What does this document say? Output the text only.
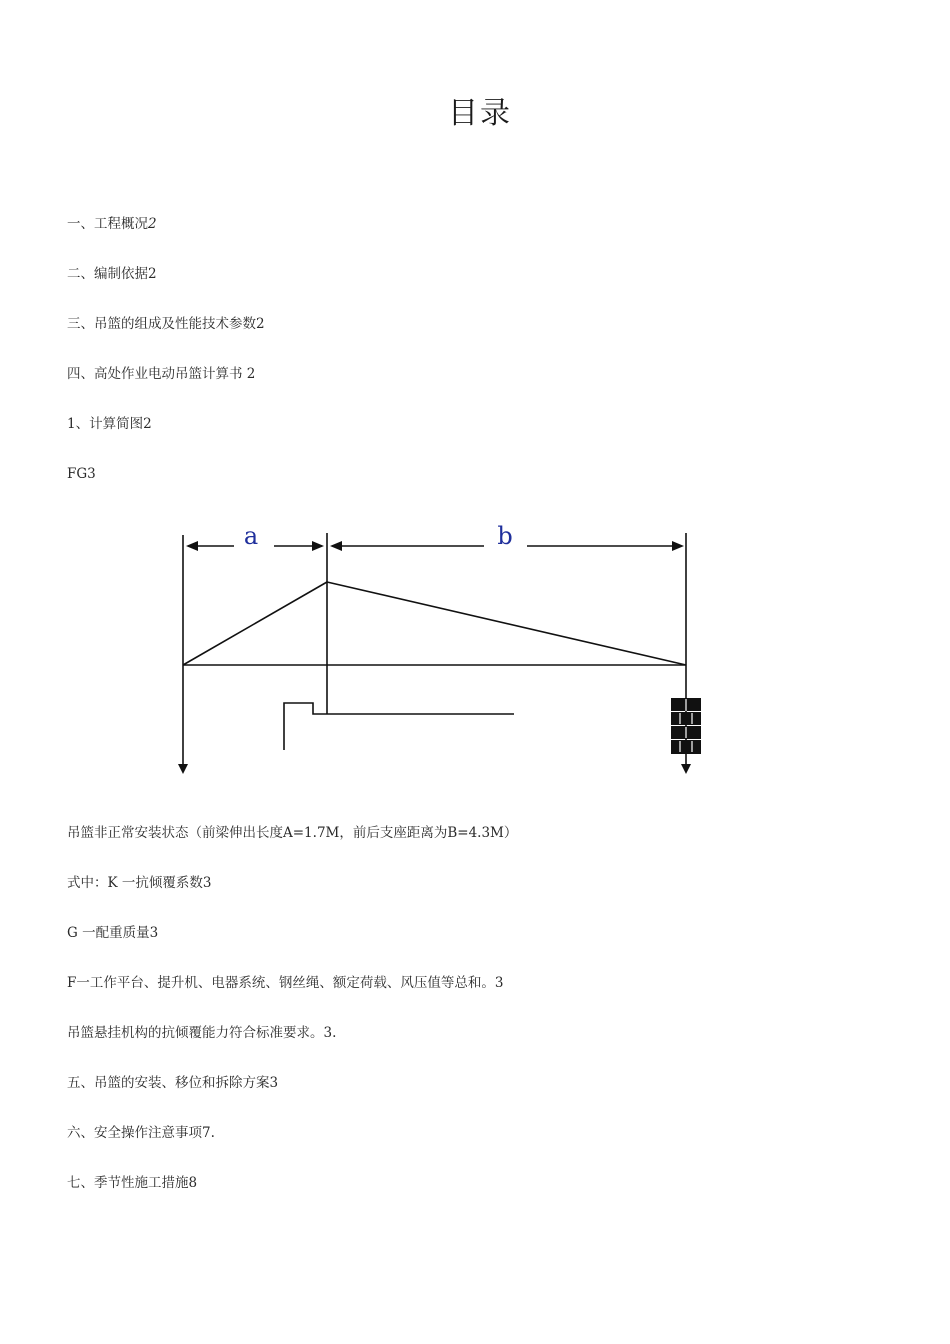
目录
一、工程概况2
二、编制依据2
三、吊篮的组成及性能技术参数2
四、高处作业电动吊篮计算书 2
1、计算简图2
FG3
a	b
吊篮非正常安装状态（前梁伸出长度A=1.7M，前后支座距离为B=4.3M）
式中：K 一抗倾覆系数3
G 一配重质量3
F一工作平台、提升机、电器系统、钢丝绳、额定荷载、风压值等总和。3
吊篮悬挂机构的抗倾覆能力符合标准要求。3.
五、吊篮的安装、移位和拆除方案3
六、安全操作注意事项7.
七、季节性施工措施8
